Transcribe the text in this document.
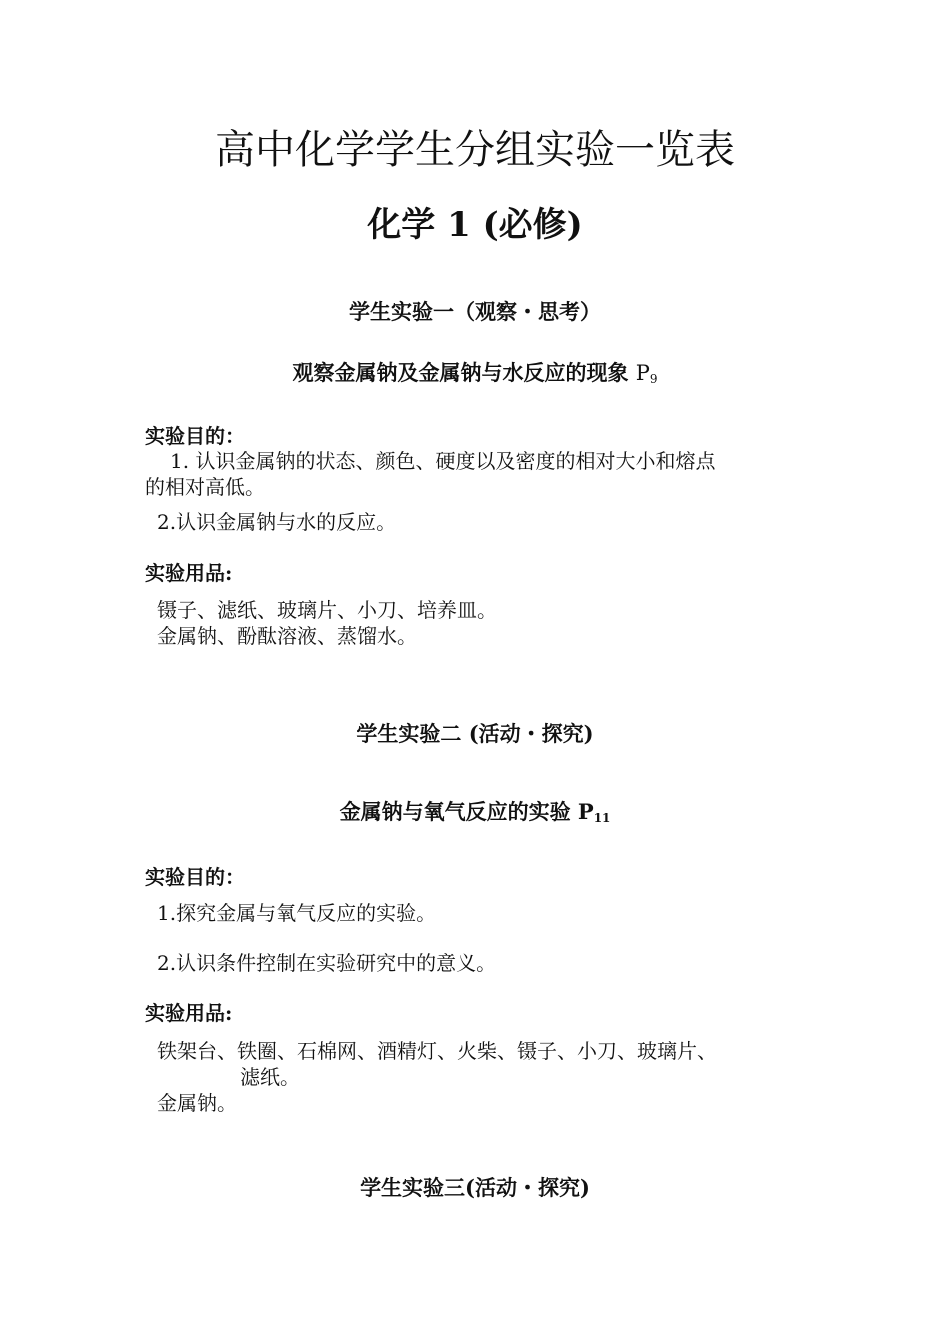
高中化学学生分组实验一览表
化学 1 (必修)
学生实验一（观察・思考）
观察金属钠及金属钠与水反应的现象 $P_9$
实验目的：
1. 认识金属钠的状态、颜色、硬度以及密度的相对大小和熔点
的相对高低。
2.认识金属钠与水的反应。
实验用品:
镊子、滤纸、玻璃片、小刀、培养皿。
金属钠、酚酞溶液、蒸馏水。
学生实验二 (活动・探究)
金属钠与氧气反应的实验 $P_{11}$
实验目的：
1.探究金属与氧气反应的实验。
2.认识条件控制在实验研究中的意义。
实验用品:
铁架台、铁圈、石棉网、酒精灯、火柴、镊子、小刀、玻璃片、
滤纸。
金属钠。
学生实验三(活动・探究)
